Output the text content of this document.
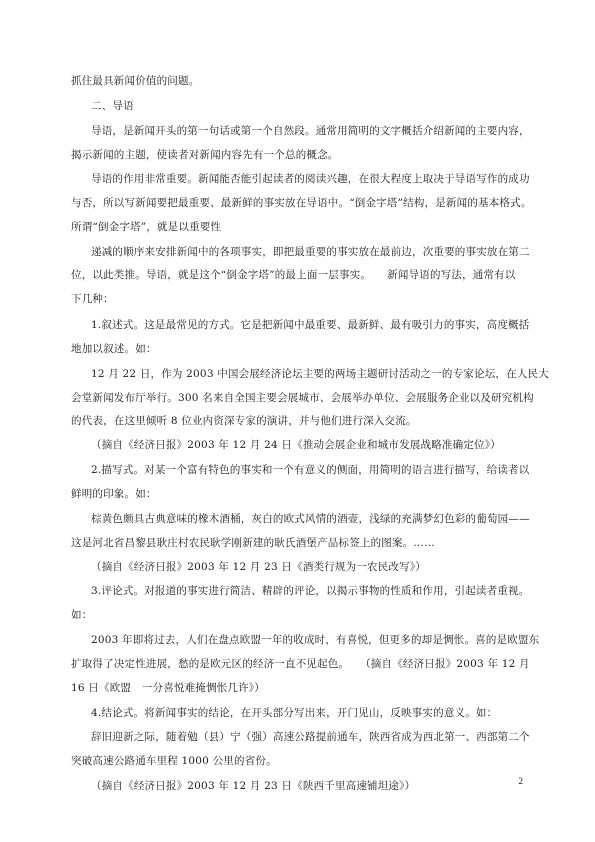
抓住最具新闻价值的问题。
二、导语
导语，是新闻开头的第一句话或第一个自然段。通常用简明的文字概括介绍新闻的主要内容，
揭示新闻的主题，使读者对新闻内容先有一个总的概念。
导语的作用非常重要。新闻能否能引起读者的阅读兴趣，在很大程度上取决于导语写作的成功
与否，所以写新闻要把最重要、最新鲜的事实放在导语中。“倒金字塔”结构，是新闻的基本格式。
所谓“倒金字塔”，就是以重要性
递减的顺序来安排新闻中的各项事实，即把最重要的事实放在最前边，次重要的事实放在第二
位，以此类推。导语，就是这个“倒金字塔”的最上面一层事实。　　新闻导语的写法，通常有以
下几种：
1.叙述式。这是最常见的方式。它是把新闻中最重要、最新鲜、最有吸引力的事实，高度概括
地加以叙述。如：
12 月 22 日，作为 2003 中国会展经济论坛主要的两场主题研讨活动之一的专家论坛，在人民大
会堂新闻发布厅举行。300 名来自全国主要会展城市、会展举办单位、会展服务企业以及研究机构
的代表，在这里倾听 8 位业内资深专家的演讲，并与他们进行深入交流。
（摘自《经济日报》2003 年 12 月 24 日《推动会展企业和城市发展战略准确定位》）
2.描写式。对某一个富有特色的事实和一个有意义的侧面，用简明的语言进行描写，给读者以
鲜明的印象。如：
棕黄色颇具古典意味的橡木酒桶，灰白的欧式风情的酒壶，浅绿的充满梦幻色彩的葡萄园——
这是河北省昌黎县耿庄村农民耿学刚新建的耿氏酒堡产品标签上的图案。……
（摘自《经济日报》2003 年 12 月 23 日《酒类行规为一农民改写》）
3.评论式。对报道的事实进行简洁、精辟的评论，以揭示事物的性质和作用，引起读者重视。
如：
2003 年即将过去，人们在盘点欧盟一年的收成时，有喜悦，但更多的却是惆怅。喜的是欧盟东
扩取得了决定性进展，愁的是欧元区的经济一直不见起色。　　（摘自《经济日报》2003 年 12 月
16 日《欧盟　一分喜悦难掩惆怅几许》）
4.结论式。将新闻事实的结论，在开头部分写出来，开门见山，反映事实的意义。如：
辞旧迎新之际，随着勉（县）宁（强）高速公路提前通车，陕西省成为西北第一、西部第二个
突破高速公路通车里程 1000 公里的省份。
（摘自《经济日报》2003 年 12 月 23 日《陕西千里高速铺坦途》）	2
